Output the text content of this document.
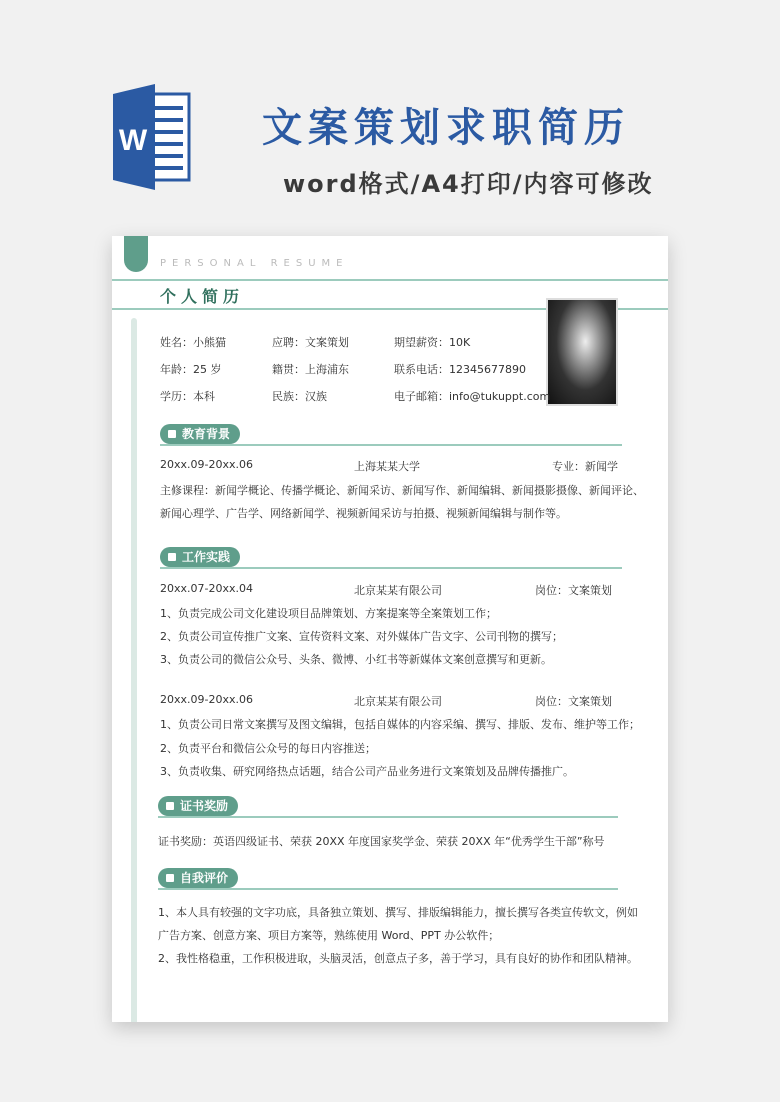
W	文案策划求职简历
word格式/A4打印/内容可修改
PERSONAL RESUME
个人简历
姓名：小熊猫	应聘：文案策划	期望薪资：10K
年龄：25 岁	籍贯：上海浦东	联系电话：12345677890
学历：本科	民族：汉族	电子邮箱：info@tukuppt.com
教育背景
20xx.09-20xx.06	上海某某大学	专业：新闻学
主修课程：新闻学概论、传播学概论、新闻采访、新闻写作、新闻编辑、新闻摄影摄像、新闻评论、
新闻心理学、广告学、网络新闻学、视频新闻采访与拍摄、视频新闻编辑与制作等。
工作实践
20xx.07-20xx.04	北京某某有限公司	岗位：文案策划
1、负责完成公司文化建设项目品牌策划、方案提案等全案策划工作；
2、负责公司宣传推广文案、宣传资料文案、对外媒体广告文字、公司刊物的撰写；
3、负责公司的微信公众号、头条、微博、小红书等新媒体文案创意撰写和更新。
20xx.09-20xx.06	北京某某有限公司	岗位：文案策划
1、负责公司日常文案撰写及图文编辑，包括自媒体的内容采编、撰写、排版、发布、维护等工作；
2、负责平台和微信公众号的每日内容推送；
3、负责收集、研究网络热点话题，结合公司产品业务进行文案策划及品牌传播推广。
证书奖励
证书奖励：英语四级证书、荣获 20XX 年度国家奖学金、荣获 20XX 年“优秀学生干部”称号
自我评价
1、本人具有较强的文字功底，具备独立策划、撰写、排版编辑能力，擅长撰写各类宣传软文，例如
广告方案、创意方案、项目方案等，熟练使用 Word、PPT 办公软件；
2、我性格稳重，工作积极进取，头脑灵活，创意点子多，善于学习，具有良好的协作和团队精神。
